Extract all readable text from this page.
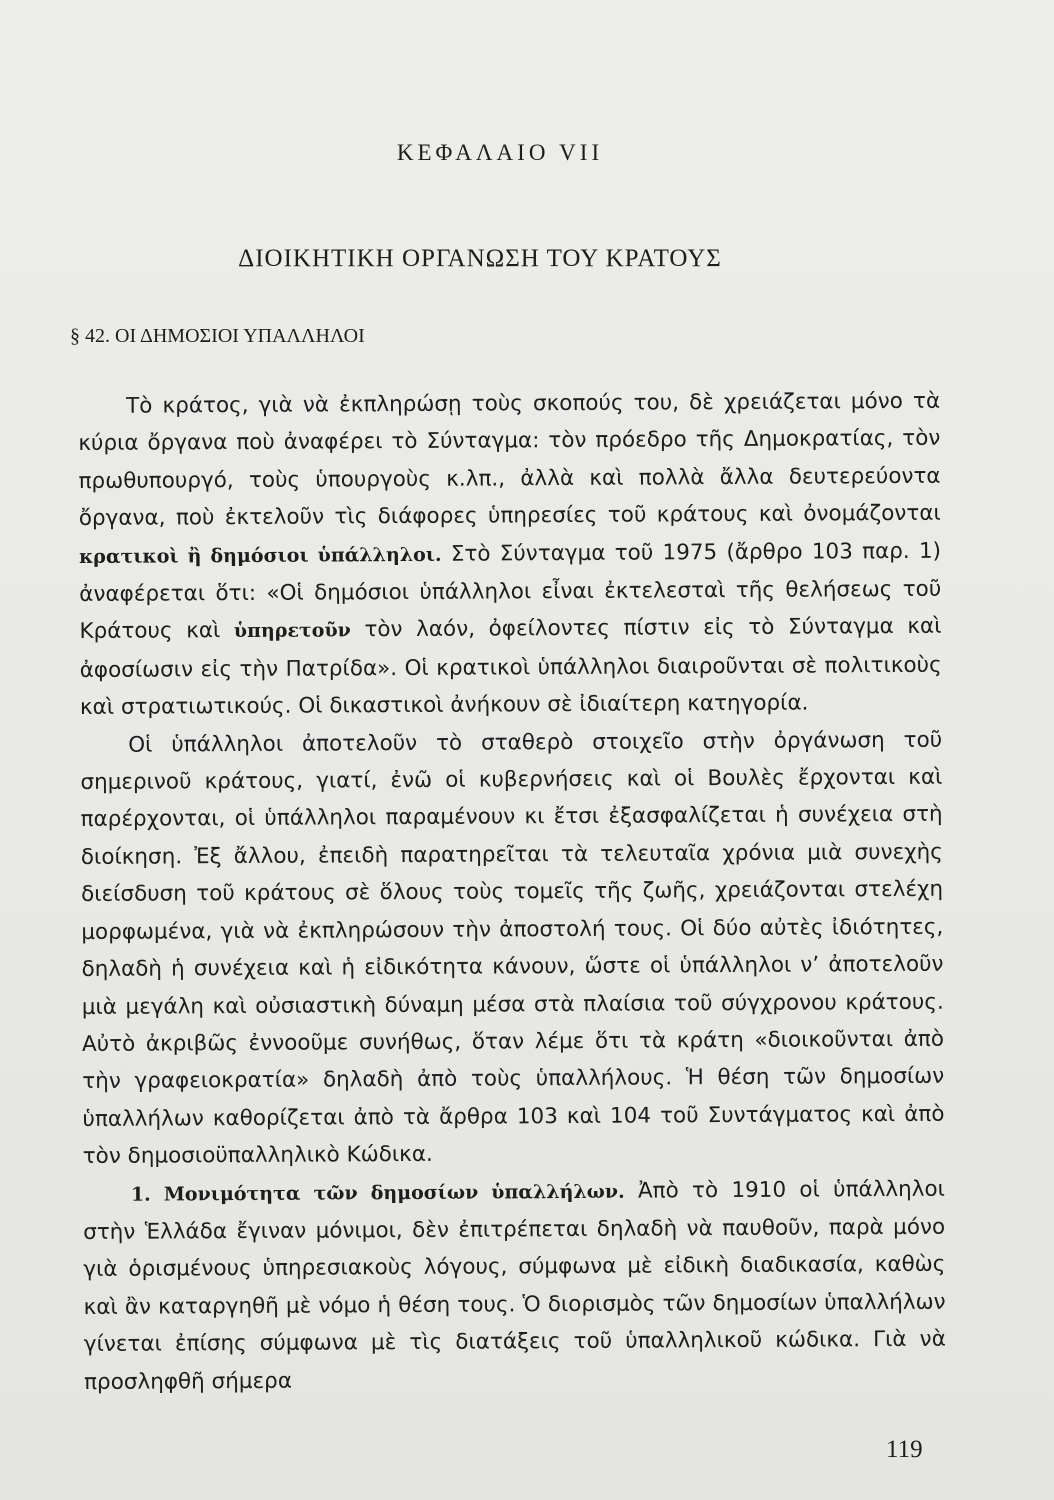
ΚΕΦΑΛΑΙΟ VII
ΔΙΟΙΚΗΤΙΚΗ ΟΡΓΑΝΩΣΗ ΤΟΥ ΚΡΑΤΟΥΣ
§ 42. ΟΙ ΔΗΜΟΣΙΟΙ ΥΠΑΛΛΗΛΟΙ

Τὸ κράτος, γιὰ νὰ ἐκπληρώσῃ τοὺς σκοπούς του, δὲ χρειάζεται μόνο τὰ κύρια ὄργανα ποὺ ἀναφέρει τὸ Σύνταγμα: τὸν πρόεδρο τῆς Δημοκρατίας, τὸν πρωθυπουργό, τοὺς ὑπουργοὺς κ.λπ., ἀλλὰ καὶ πολλὰ ἄλλα δευτερεύοντα ὄργανα, ποὺ ἐκτελοῦν τὶς διάφορες ὑπηρεσίες τοῦ κράτους καὶ ὀνομάζονται κρατικοὶ ἢ δημόσιοι ὑπάλληλοι. Στὸ Σύνταγμα τοῦ 1975 (ἄρθρο 103 παρ. 1) ἀναφέρεται ὅτι: «Οἱ δημόσιοι ὑπάλληλοι εἶναι ἐκτελεσταὶ τῆς θελήσεως τοῦ Κράτους καὶ ὑπηρετοῦν τὸν λαόν, ὀφείλοντες πίστιν εἰς τὸ Σύνταγμα καὶ ἀφοσίωσιν εἰς τὴν Πατρίδα». Οἱ κρατικοὶ ὑπάλληλοι διαιροῦνται σὲ πολιτικοὺς καὶ στρατιωτικούς. Οἱ δικαστικοὶ ἀνήκουν σὲ ἰδιαίτερη κατηγορία.

Οἱ ὑπάλληλοι ἀποτελοῦν τὸ σταθερὸ στοιχεῖο στὴν ὀργάνωση τοῦ σημερινοῦ κράτους, γιατί, ἐνῶ οἱ κυβερνήσεις καὶ οἱ Βουλὲς ἔρχονται καὶ παρέρχονται, οἱ ὑπάλληλοι παραμένουν κι ἔτσι ἐξασφαλίζεται ἡ συνέχεια στὴ διοίκηση. Ἐξ ἄλλου, ἐπειδὴ παρατηρεῖται τὰ τελευταῖα χρόνια μιὰ συνεχὴς διείσδυση τοῦ κράτους σὲ ὅλους τοὺς τομεῖς τῆς ζωῆς, χρειάζονται στελέχη μορφωμένα, γιὰ νὰ ἐκπληρώσουν τὴν ἀποστολή τους. Οἱ δύο αὐτὲς ἰδιότητες, δηλαδὴ ἡ συνέχεια καὶ ἡ εἰδικότητα κάνουν, ὥστε οἱ ὑπάλληλοι ν’ ἀποτελοῦν μιὰ μεγάλη καὶ οὐσιαστικὴ δύναμη μέσα στὰ πλαίσια τοῦ σύγχρονου κράτους. Αὐτὸ ἀκριβῶς ἐννοοῦμε συνήθως, ὅταν λέμε ὅτι τὰ κράτη «διοικοῦνται ἀπὸ τὴν γραφειοκρατία» δηλαδὴ ἀπὸ τοὺς ὑπαλλήλους. Ἡ θέση τῶν δημοσίων ὑπαλλήλων καθορίζεται ἀπὸ τὰ ἄρθρα 103 καὶ 104 τοῦ Συντάγματος καὶ ἀπὸ τὸν δημοσιοϋπαλληλικὸ Κώδικα.

1. Μονιμότητα τῶν δημοσίων ὑπαλλήλων. Ἀπὸ τὸ 1910 οἱ ὑπάλληλοι στὴν Ἑλλάδα ἔγιναν μόνιμοι, δὲν ἐπιτρέπεται δηλαδὴ νὰ παυθοῦν, παρὰ μόνο γιὰ ὁρισμένους ὑπηρεσιακοὺς λόγους, σύμφωνα μὲ εἰδικὴ διαδικασία, καθὼς καὶ ἂν καταργηθῆ μὲ νόμο ἡ θέση τους. Ὁ διορισμὸς τῶν δημοσίων ὑπαλλήλων γίνεται ἐπίσης σύμφωνα μὲ τὶς διατάξεις τοῦ ὑπαλληλικοῦ κώδικα. Γιὰ νὰ προσληφθῆ σήμερα

119
